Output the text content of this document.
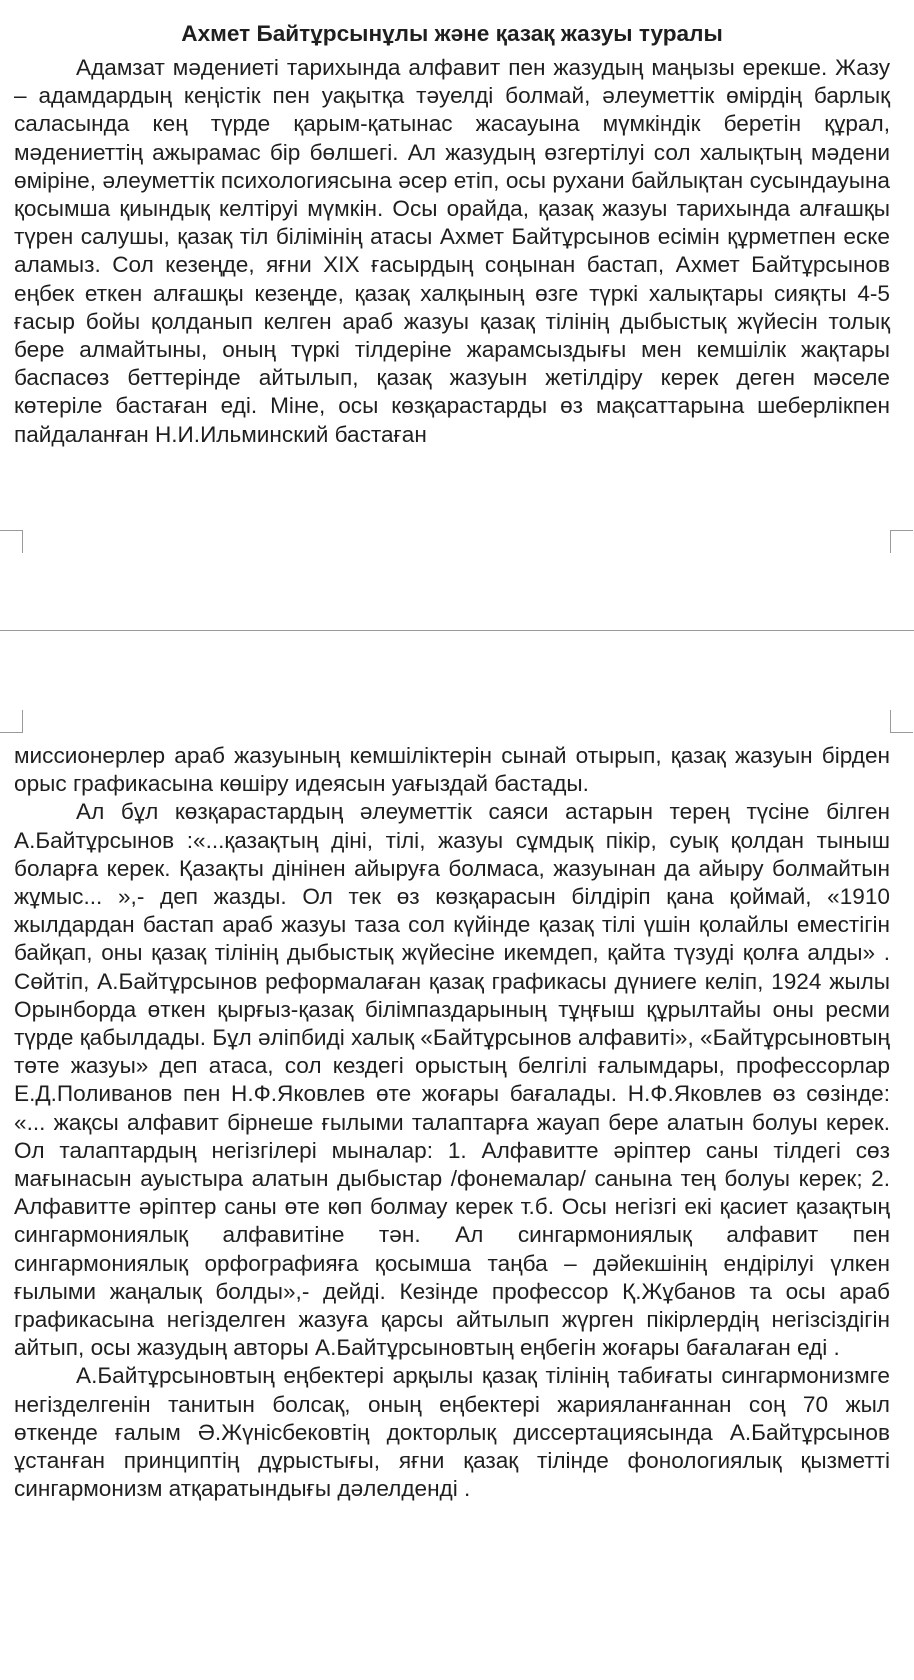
Ахмет Байтұрсынұлы және қазақ жазуы туралы

Адамзат мәдениеті тарихында алфавит пен жазудың маңызы ерекше. Жазу – адамдардың кеңістік пен уақытқа тәуелді болмай, әлеуметтік өмірдің барлық саласында кең түрде қарым-қатынас жасауына мүмкіндік беретін құрал, мәдениеттің ажырамас бір бөлшегі. Ал жазудың өзгертілуі сол халықтың мәдени өміріне, әлеуметтік психологиясына әсер етіп, осы рухани байлықтан сусындауына қосымша қиындық келтіруі мүмкін. Осы орайда, қазақ жазуы тарихында алғашқы түрен салушы, қазақ тіл білімінің атасы Ахмет Байтұрсынов есімін құрметпен еске аламыз. Сол кезеңде, яғни ХІХ ғасырдың соңынан бастап, Ахмет Байтұрсынов еңбек еткен алғашқы кезеңде, қазақ халқының өзге түркі халықтары сияқты 4-5 ғасыр бойы қолданып келген араб жазуы қазақ тілінің дыбыстық жүйесін толық бере алмайтыны, оның түркі тілдеріне жарамсыздығы мен кемшілік жақтары баспасөз беттерінде айтылып, қазақ жазуын жетілдіру керек деген мәселе көтеріле бастаған еді. Міне, осы көзқарастарды өз мақсаттарына шеберлікпен пайдаланған Н.И.Ильминский бастаған

миссионерлер араб жазуының кемшіліктерін сынай отырып, қазақ жазуын бірден орыс графикасына көшіру идеясын уағыздай бастады.

Ал бұл көзқарастардың әлеуметтік саяси астарын терең түсіне білген А.Байтұрсынов :«...қазақтың діні, тілі, жазуы сұмдық пікір, суық қолдан тыныш боларға керек. Қазақты дінінен айыруға болмаса, жазуынан да айыру болмайтын жұмыс... »,- деп жазды. Ол тек өз көзқарасын білдіріп қана қоймай, «1910 жылдардан бастап араб жазуы таза сол күйінде қазақ тілі үшін қолайлы еместігін байқап, оны қазақ тілінің дыбыстық жүйесіне икемдеп, қайта түзуді қолға алды» . Сөйтіп, А.Байтұрсынов реформалаған қазақ графикасы дүниеге келіп, 1924 жылы Орынборда өткен қырғыз-қазақ білімпаздарының тұңғыш құрылтайы оны ресми түрде қабылдады. Бұл әліпбиді халық «Байтұрсынов алфавиті», «Байтұрсыновтың төте жазуы» деп атаса, сол кездегі орыстың белгілі ғалымдары, профессорлар Е.Д.Поливанов пен Н.Ф.Яковлев өте жоғары бағалады. Н.Ф.Яковлев өз сөзінде: «... жақсы алфавит бірнеше ғылыми талаптарға жауап бере алатын болуы керек. Ол талаптардың негізгілері мыналар: 1. Алфавитте әріптер саны тілдегі сөз мағынасын ауыстыра алатын дыбыстар /фонемалар/ санына тең болуы керек; 2. Алфавитте әріптер саны өте көп болмау керек т.б. Осы негізгі екі қасиет қазақтың сингармониялық алфавитіне тән. Ал сингармониялық алфавит пен сингармониялық орфографияға қосымша таңба – дәйекшінің ендірілуі үлкен ғылыми жаңалық болды»,- дейді. Кезінде профессор Қ.Жұбанов та осы араб графикасына негізделген жазуға қарсы айтылып жүрген пікірлердің негізсіздігін айтып, осы жазудың авторы А.Байтұрсыновтың еңбегін жоғары бағалаған еді .

А.Байтұрсыновтың еңбектері арқылы қазақ тілінің табиғаты сингармонизмге негізделгенін танитын болсақ, оның еңбектері жарияланғаннан соң 70 жыл өткенде ғалым Ә.Жүнісбековтің докторлық диссертациясында А.Байтұрсынов ұстанған принциптің дұрыстығы, яғни қазақ тілінде фонологиялық қызметті сингармонизм атқаратындығы дәлелденді .
